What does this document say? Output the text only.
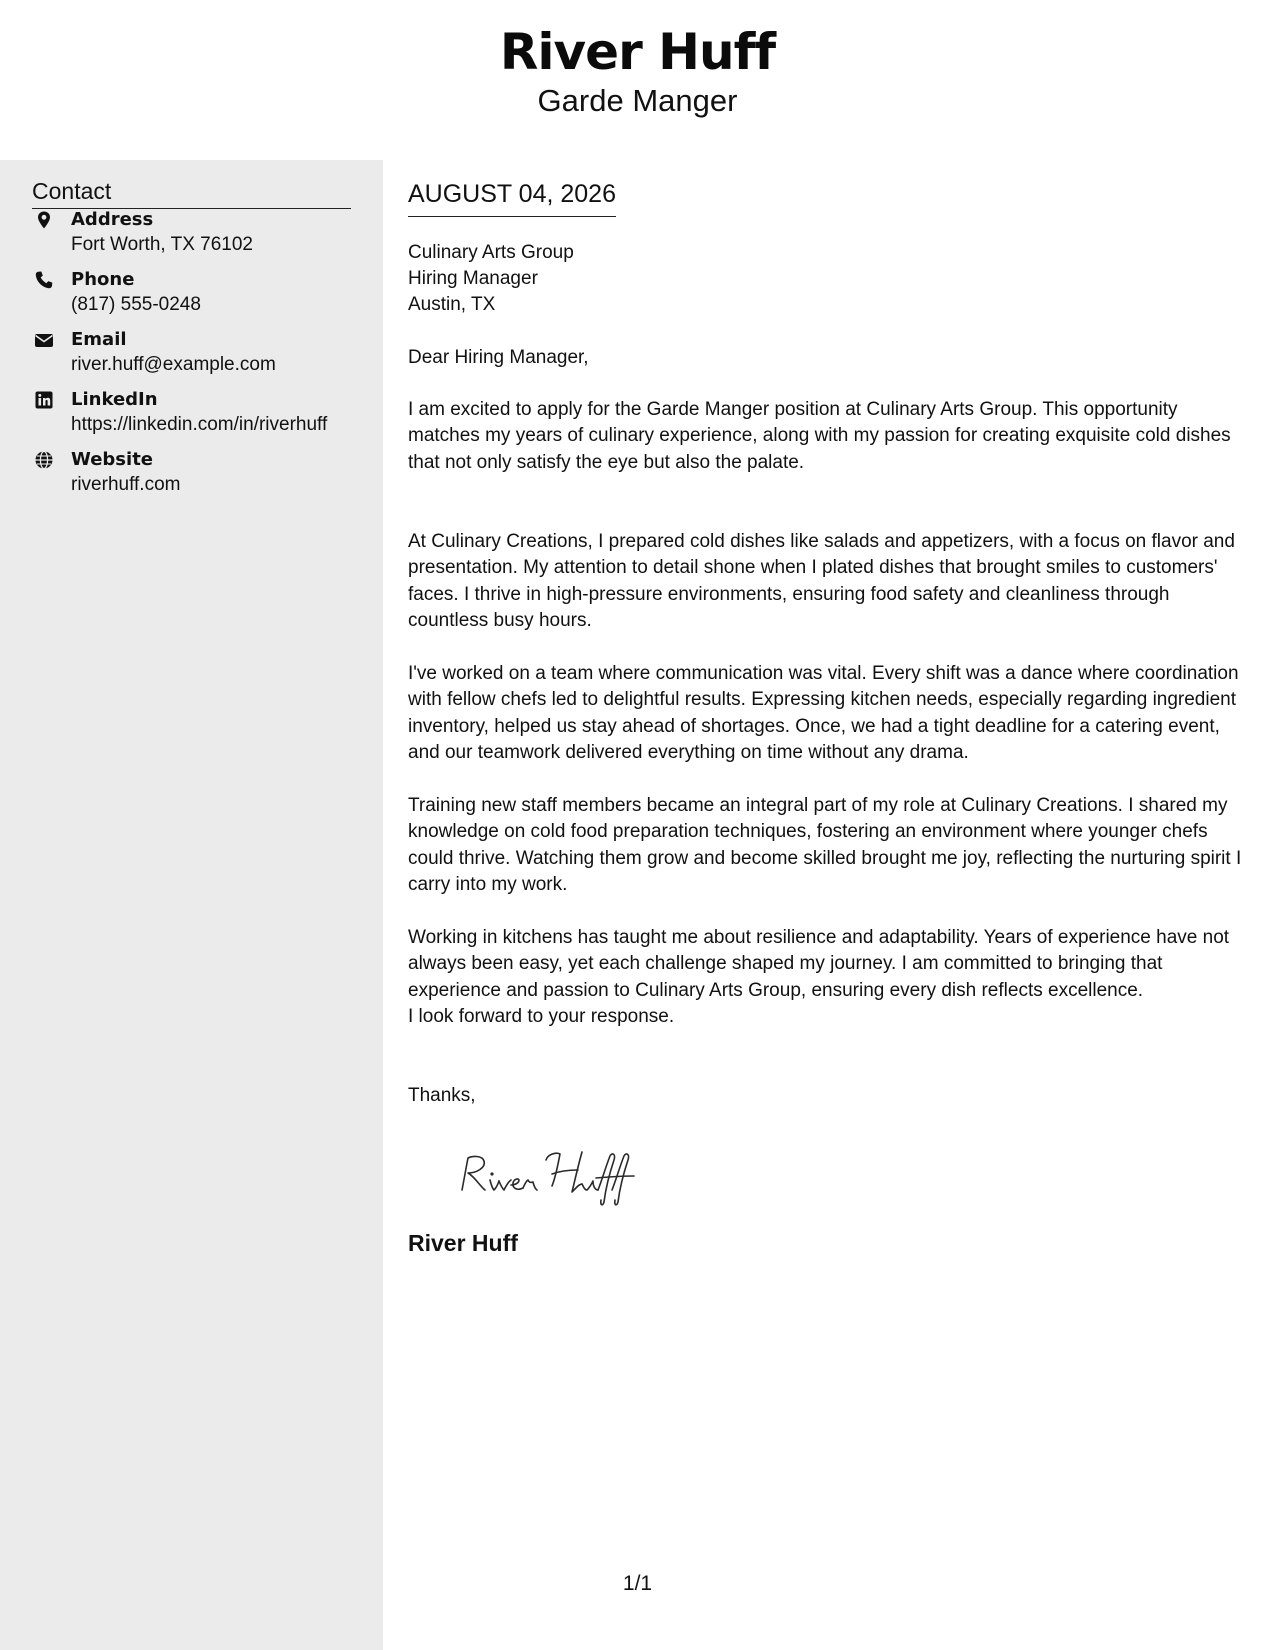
River Huff
Garde Manger
Contact
Address
Fort Worth, TX 76102
Phone
(817) 555-0248
Email
river.huff@example.com
LinkedIn
https://linkedin.com/in/riverhuff
Website
riverhuff.com
AUGUST 04, 2026
Culinary Arts Group
Hiring Manager
Austin, TX
Dear Hiring Manager,
I am excited to apply for the Garde Manger position at Culinary Arts Group. This opportunity matches my years of culinary experience, along with my passion for creating exquisite cold dishes that not only satisfy the eye but also the palate.
At Culinary Creations, I prepared cold dishes like salads and appetizers, with a focus on flavor and presentation. My attention to detail shone when I plated dishes that brought smiles to customers' faces. I thrive in high-pressure environments, ensuring food safety and cleanliness through countless busy hours.
I've worked on a team where communication was vital. Every shift was a dance where coordination with fellow chefs led to delightful results. Expressing kitchen needs, especially regarding ingredient inventory, helped us stay ahead of shortages. Once, we had a tight deadline for a catering event, and our teamwork delivered everything on time without any drama.
Training new staff members became an integral part of my role at Culinary Creations. I shared my knowledge on cold food preparation techniques, fostering an environment where younger chefs could thrive. Watching them grow and become skilled brought me joy, reflecting the nurturing spirit I carry into my work.
Working in kitchens has taught me about resilience and adaptability. Years of experience have not always been easy, yet each challenge shaped my journey. I am committed to bringing that experience and passion to Culinary Arts Group, ensuring every dish reflects excellence.
I look forward to your response.
Thanks,
River Huff
1/1
